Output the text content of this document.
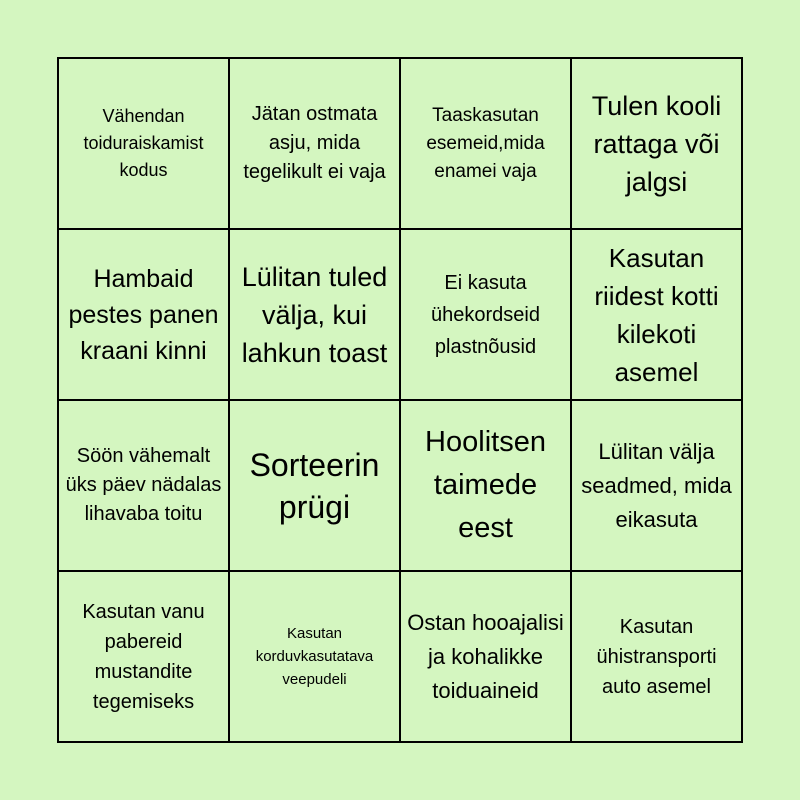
Vähendan toiduraiskamist kodus
Jätan ostmata asju, mida tegelikult ei vaja
Taaskasutan esemeid,mida enamei vaja
Tulen kooli rattaga või jalgsi
Hambaid pestes panen kraani kinni
Lülitan tuled välja, kui lahkun toast
Ei kasuta ühekordseid plastnõusid
Kasutan riidest kotti kilekoti asemel
Söön vähemalt üks päev nädalas lihavaba toitu
Sorteerin prügi
Hoolitsen taimede eest
Lülitan välja seadmed, mida eikasuta
Kasutan vanu pabereid mustandite tegemiseks
Kasutan korduvkasutatava veepudeli
Ostan hooajalisi ja kohalikke toiduaineid
Kasutan ühistransporti auto asemel
